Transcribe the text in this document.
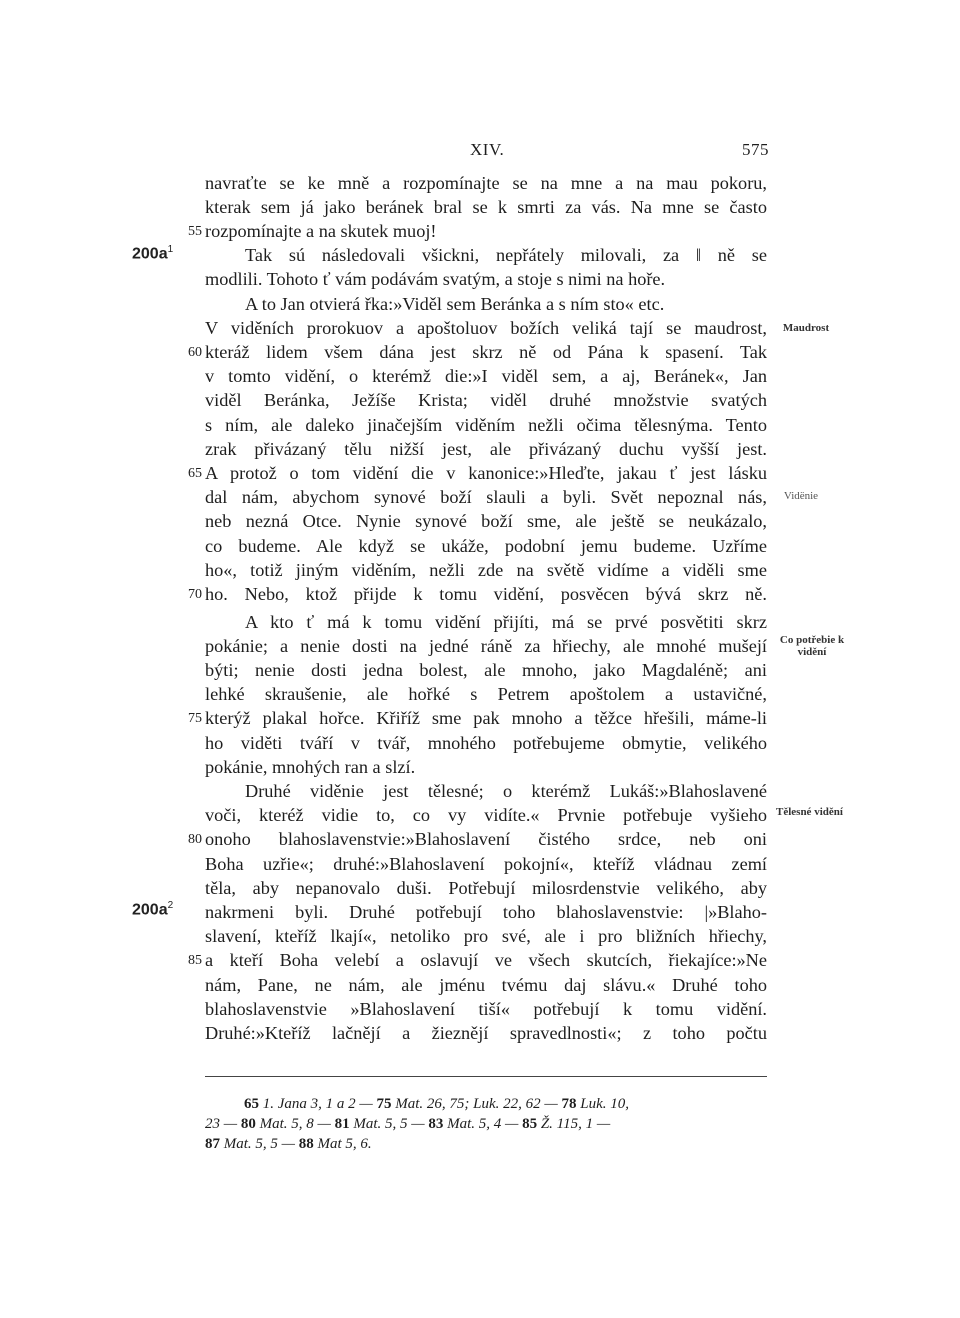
XIV.	575
navraťte se ke mně a rozpomínajte se na mne a na mau pokoru,
kterak sem já jako beránek bral se k smrti za vás. Na mne se často
rozpomínajte a na skutek muoj!
Tak sú následovali všickni, nepřátely milovali, za ‖ ně se
modlili. Tohoto ť vám podávám svatým, a stoje s nimi na hoře.
A to Jan otvierá řka:»Viděl sem Beránka a s ním sto« etc.
V viděních prorokuov a apoštoluov božích veliká tají se maudrost,
kteráž lidem všem dána jest skrz ně od Pána k spasení. Tak
v tomto vidění, o kterémž die:»I viděl sem, a aj, Beránek«, Jan
viděl Beránka, Ježíše Krista; viděl druhé množstvie svatých
s ním, ale daleko jinačejším viděním nežli očima tělesnýma. Tento
zrak přivázaný tělu nižší jest, ale přivázaný duchu vyšší jest.
A protož o tom vidění die v kanonice:»Hleďte, jakau ť jest lásku
dal nám, abychom synové boží slauli a byli. Svět nepoznal nás,
neb nezná Otce. Nynie synové boží sme, ale ještě se neukázalo,
co budeme. Ale když se ukáže, podobní jemu budeme. Uzříme
ho«, totiž jiným viděním, nežli zde na světě vidíme a viděli sme
ho. Nebo, ktož přijde k tomu vidění, posvěcen bývá skrz ně.
A kto ť má k tomu vidění přijíti, má se prvé posvětiti skrz
pokánie; a nenie dosti na jedné ráně za hřiechy, ale mnohé mušejí
býti; nenie dosti jedna bolest, ale mnoho, jako Magdaléně; ani
lehké skraušenie, ale hořké s Petrem apoštolem a ustavičné,
kterýž plakal hořce. Křiříž sme pak mnoho a těžce hřešili, máme-li
ho viděti tváří v tvář, mnohého potřebujeme obmytie, velikého
pokánie, mnohých ran a slzí.
Druhé viděnie jest tělesné; o kterémž Lukáš:»Blahoslavené
voči, kteréž vidie to, co vy vidíte.« Prvnie potřebuje vyšieho
onoho blahoslavenstvie:»Blahoslavení čistého srdce, neb oni
Boha uzřie«; druhé:»Blahoslavení pokojní«, kteříž vládnau zemí
těla, aby nepanovalo duši. Potřebují milosrdenstvie velikého, aby
nakrmeni byli. Druhé potřebují toho blahoslavenstvie: |»Blaho-
slavení, kteříž lkají«, netoliko pro své, ale i pro bližních hřiechy,
a kteří Boha velebí a oslavují ve všech skutcích, řiekajíce:»Ne
nám, Pane, ne nám, ale jménu tvému daj slávu.« Druhé toho
blahoslavenstvie »Blahoslavení tiší« potřebují k tomu vidění.
Druhé:»Kteříž lačnějí a žieznějí spravedlnosti«; z toho počtu
55
60
65
70
75
80
85
$200a^1$
$200a^2$
Maudrost
Vidënie
Co potřebie k vidění
Tělesné vidění
65 1. Jana 3, 1 a 2 — 75 Mat. 26, 75; Luk. 22, 62 — 78 Luk. 10,
23 — 80 Mat. 5, 8 — 81 Mat. 5, 5 — 83 Mat. 5, 4 — 85 Ž. 115, 1 —
87 Mat. 5, 5 — 88 Mat 5, 6.
